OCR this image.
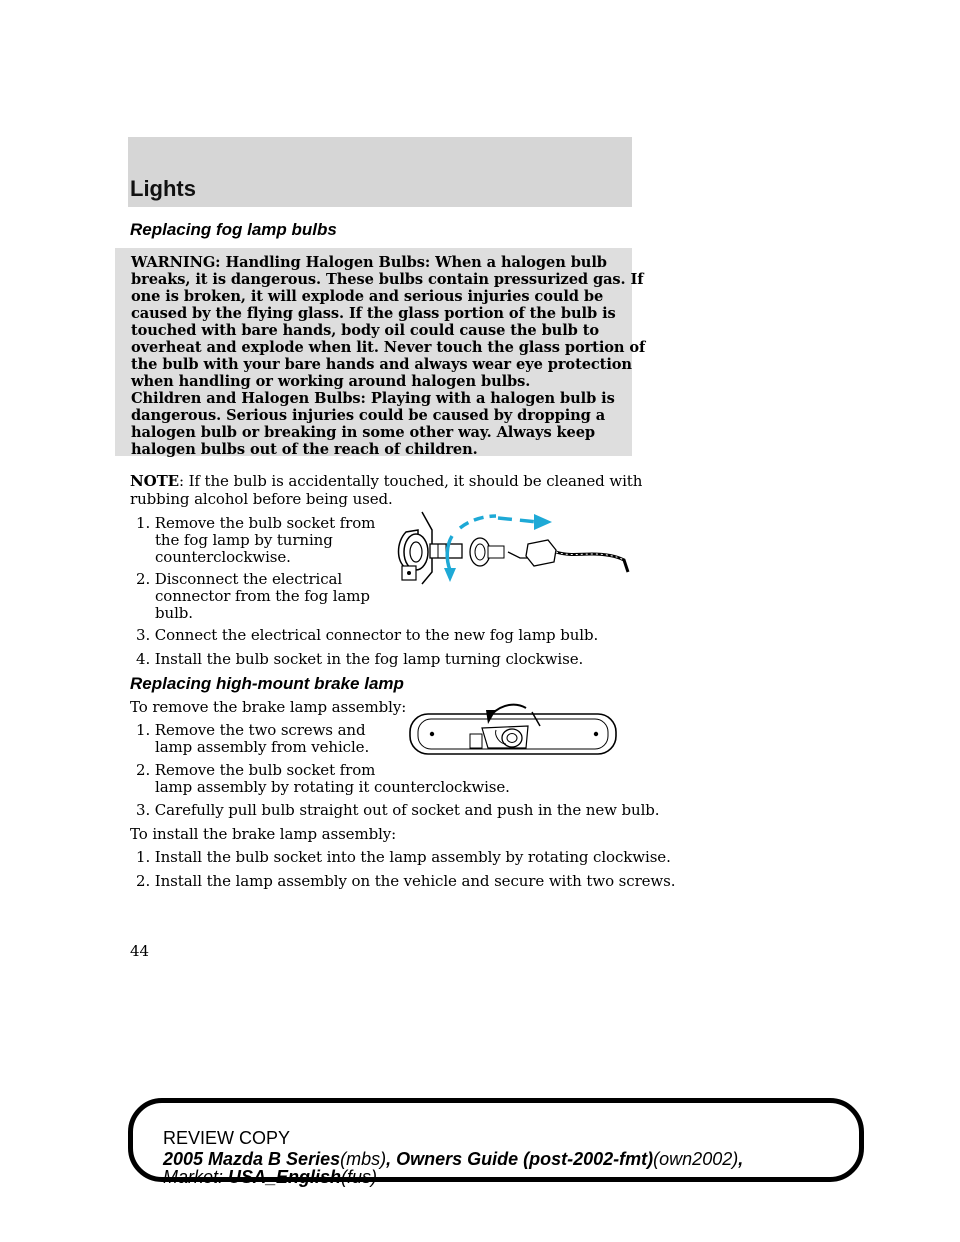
Lights
Replacing fog lamp bulbs
WARNING: Handling Halogen Bulbs: When a halogen bulb
breaks, it is dangerous. These bulbs contain pressurized gas. If
one is broken, it will explode and serious injuries could be
caused by the flying glass. If the glass portion of the bulb is
touched with bare hands, body oil could cause the bulb to
overheat and explode when lit. Never touch the glass portion of
the bulb with your bare hands and always wear eye protection
when handling or working around halogen bulbs.
Children and Halogen Bulbs: Playing with a halogen bulb is
dangerous. Serious injuries could be caused by dropping a
halogen bulb or breaking in some other way. Always keep
halogen bulbs out of the reach of children.
NOTE: If the bulb is accidentally touched, it should be cleaned with
rubbing alcohol before being used.
1. Remove the bulb socket from
the fog lamp by turning
counterclockwise.
2. Disconnect the electrical
connector from the fog lamp
bulb.
3. Connect the electrical connector to the new fog lamp bulb.
4. Install the bulb socket in the fog lamp turning clockwise.
Replacing high-mount brake lamp
To remove the brake lamp assembly:
1. Remove the two screws and
lamp assembly from vehicle.
2. Remove the bulb socket from
lamp assembly by rotating it counterclockwise.
3. Carefully pull bulb straight out of socket and push in the new bulb.
To install the brake lamp assembly:
1. Install the bulb socket into the lamp assembly by rotating clockwise.
2. Install the lamp assembly on the vehicle and secure with two screws.
44
REVIEW COPY
2005 Mazda B Series(mbs), Owners Guide (post-2002-fmt)(own2002),
Market: USA_English(fus)
